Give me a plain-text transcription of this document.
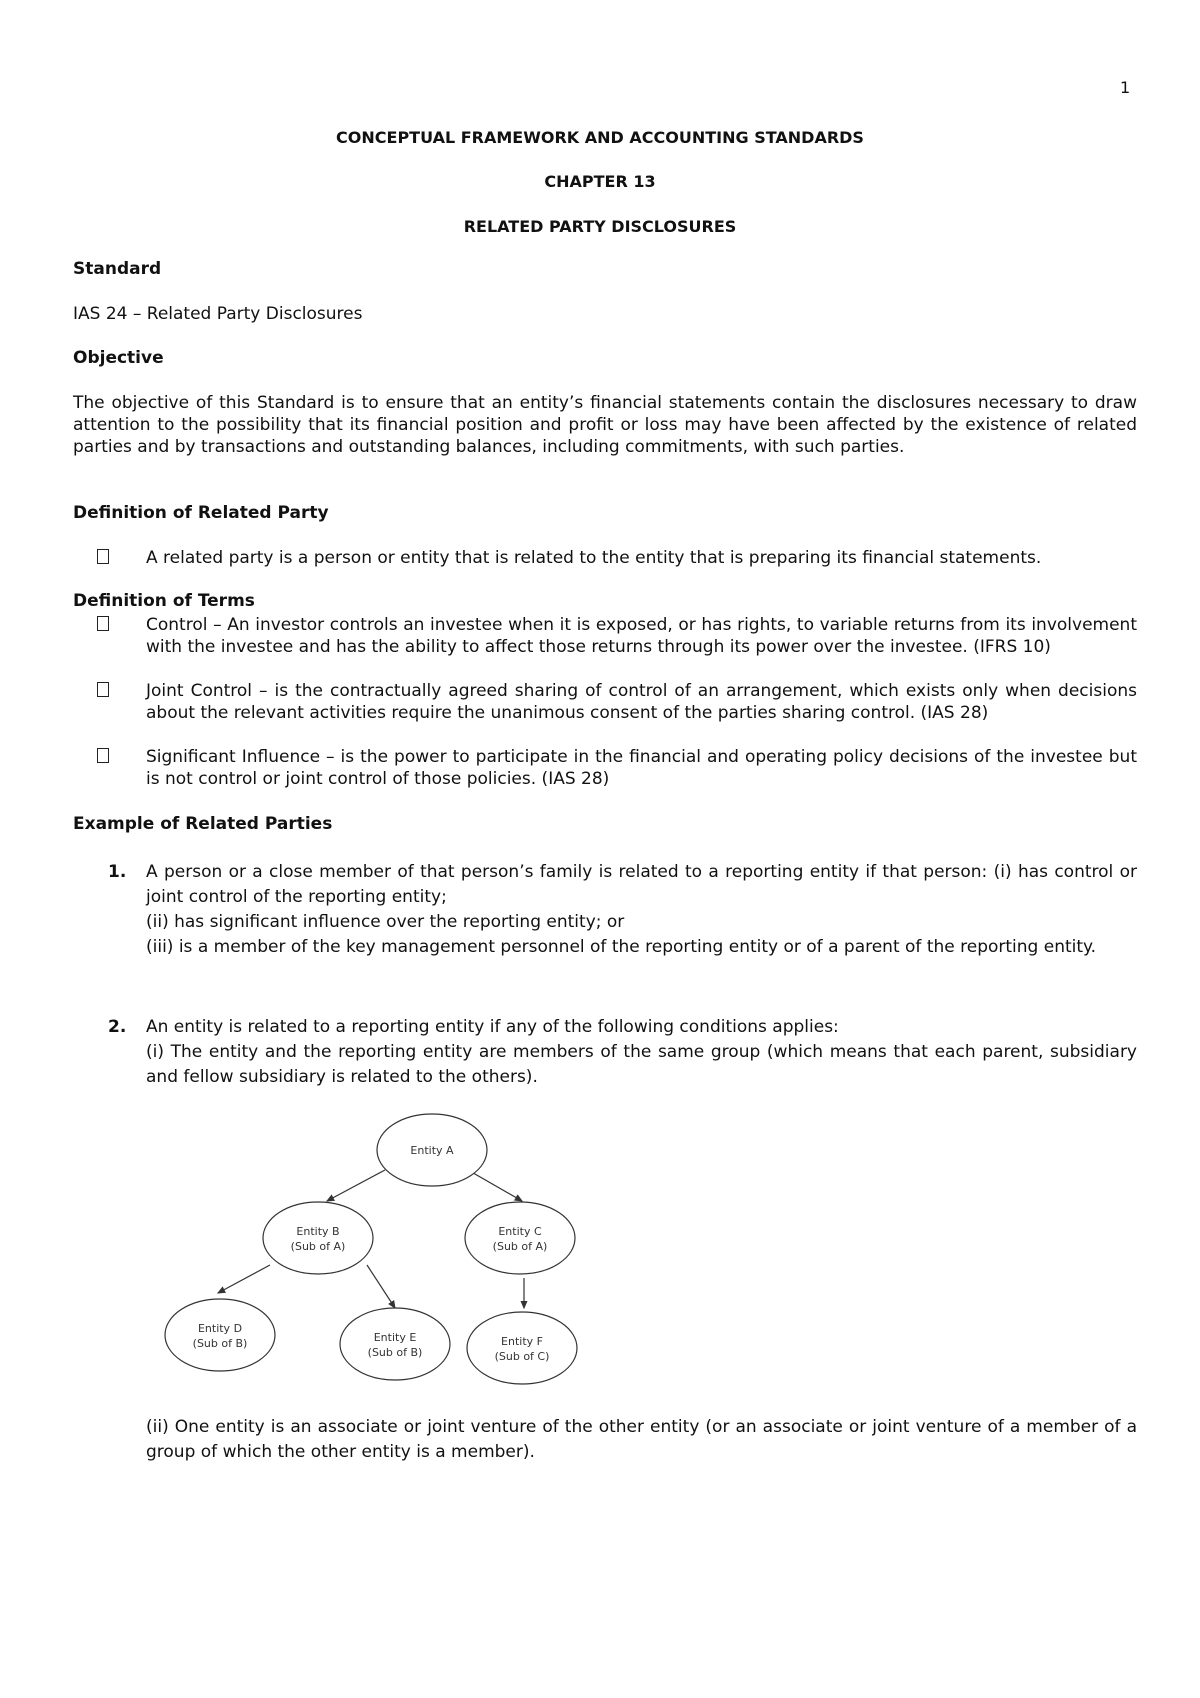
1
CONCEPTUAL FRAMEWORK AND ACCOUNTING STANDARDS
CHAPTER 13
RELATED PARTY DISCLOSURES
Standard
IAS 24 – Related Party Disclosures
Objective
The objective of this Standard is to ensure that an entity’s financial statements contain the disclosures necessary to draw attention to the possibility that its financial position and profit or loss may have been affected by the existence of related parties and by transactions and outstanding balances, including commitments, with such parties.
Definition of Related Party
A related party is a person or entity that is related to the entity that is preparing its financial statements.
Definition of Terms
Control – An investor controls an investee when it is exposed, or has rights, to variable returns from its involvement with the investee and has the ability to affect those returns through its power over the investee. (IFRS 10)
Joint Control – is the contractually agreed sharing of control of an arrangement, which exists only when decisions about the relevant activities require the unanimous consent of the parties sharing control. (IAS 28)
Significant Influence – is the power to participate in the financial and operating policy decisions of the investee but is not control or joint control of those policies. (IAS 28)
Example of Related Parties
1. A person or a close member of that person’s family is related to a reporting entity if that person: (i) has control or joint control of the reporting entity;

(ii) has significant influence over the reporting entity; or

(iii) is a member of the key management personnel of the reporting entity or of a parent of the reporting entity.

2. An entity is related to a reporting entity if any of the following conditions applies:

(i) The entity and the reporting entity are members of the same group (which means that each parent, subsidiary and fellow subsidiary is related to the others).

Entity A
Entity B
(Sub of A)
Entity C
(Sub of A)
Entity D
(Sub of B)	Entity E
(Sub of B)
Entity F
(Sub of C)

(ii) One entity is an associate or joint venture of the other entity (or an associate or joint venture of a member of a group of which the other entity is a member).
